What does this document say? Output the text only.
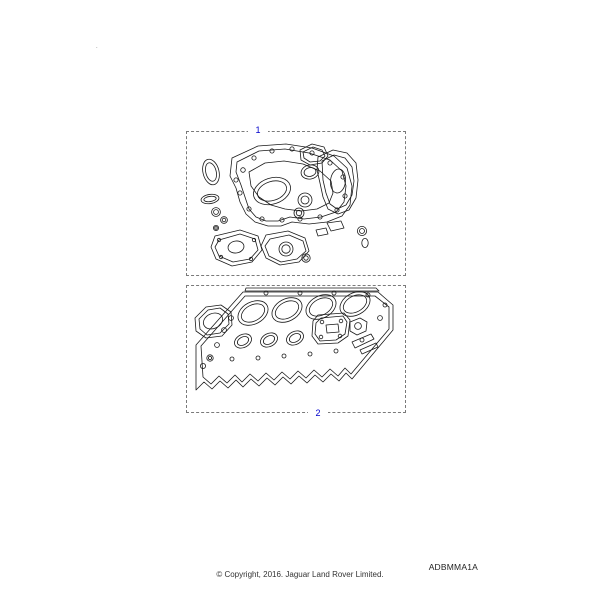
.
1
2
© Copyright, 2016. Jaguar Land Rover Limited.
ADBMMA1A
